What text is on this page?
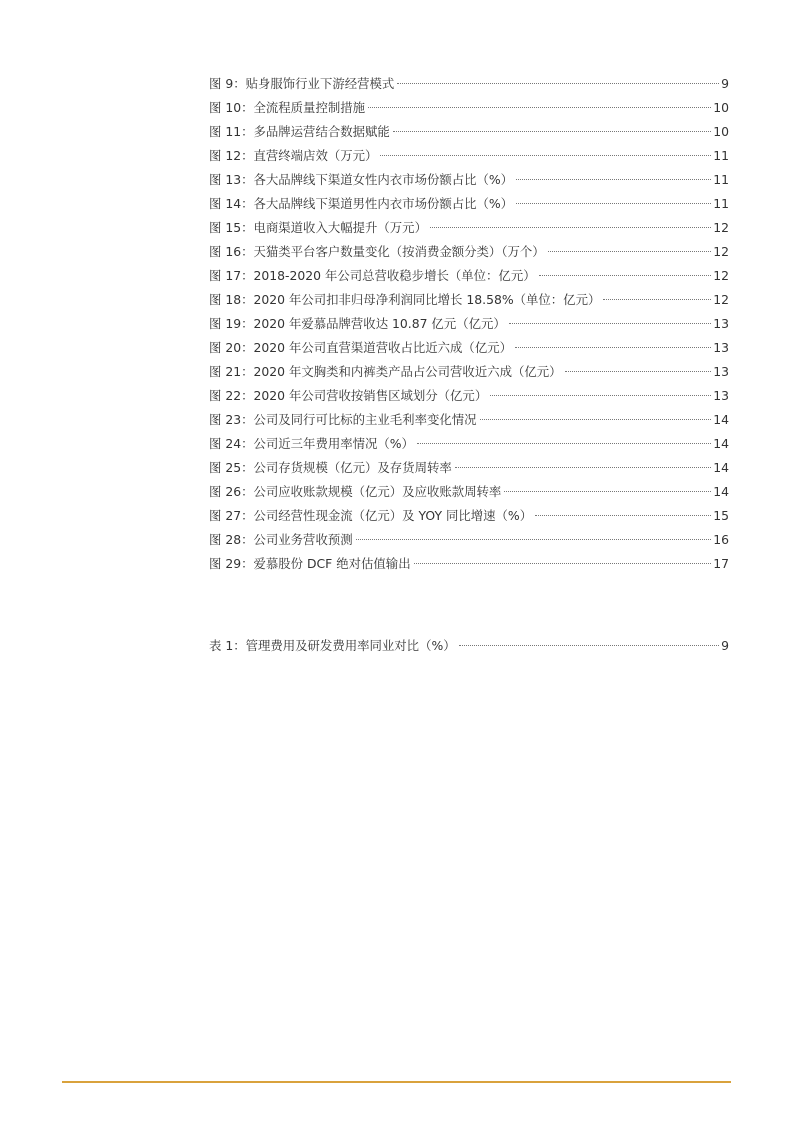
图 9：贴身服饰行业下游经营模式	9
图 10：全流程质量控制措施	10
图 11：多品牌运营结合数据赋能	10
图 12：直营终端店效（万元）	11
图 13：各大品牌线下渠道女性内衣市场份额占比（%）	11
图 14：各大品牌线下渠道男性内衣市场份额占比（%）	11
图 15：电商渠道收入大幅提升（万元）	12
图 16：天猫类平台客户数量变化（按消费金额分类）（万个）	12
图 17：2018-2020 年公司总营收稳步增长（单位：亿元）	12
图 18：2020 年公司扣非归母净利润同比增长 18.58%（单位：亿元）	12
图 19：2020 年爱慕品牌营收达 10.87 亿元（亿元）	13
图 20：2020 年公司直营渠道营收占比近六成（亿元）	13
图 21：2020 年文胸类和内裤类产品占公司营收近六成（亿元）	13
图 22：2020 年公司营收按销售区域划分（亿元）	13
图 23：公司及同行可比标的主业毛利率变化情况	14
图 24：公司近三年费用率情况（%）	14
图 25：公司存货规模（亿元）及存货周转率	14
图 26：公司应收账款规模（亿元）及应收账款周转率	14
图 27：公司经营性现金流（亿元）及 YOY 同比增速（%）	15
图 28：公司业务营收预测	16
图 29：爱慕股份 DCF 绝对估值输出	17
表 1：管理费用及研发费用率同业对比（%）	9
